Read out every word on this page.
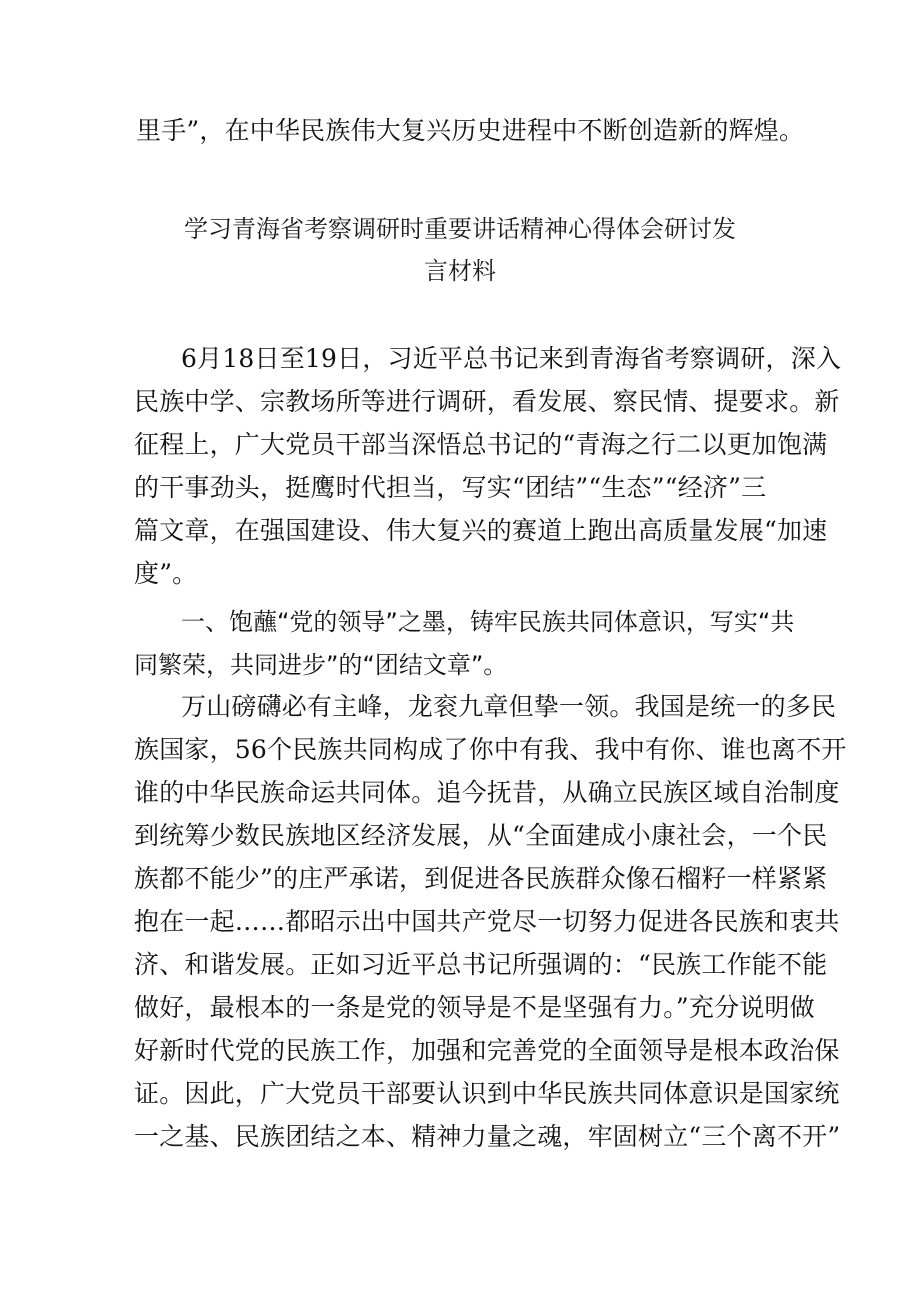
里手”，在中华民族伟大复兴历史进程中不断创造新的辉煌。
学习青海省考察调研时重要讲话精神心得体会研讨发
言材料
6月18日至19日，习近平总书记来到青海省考察调研，深入
民族中学、宗教场所等进行调研，看发展、察民情、提要求。新
征程上，广大党员干部当深悟总书记的“青海之行二以更加饱满
的干事劲头，挺鹰时代担当，写实“团结”“生态”“经济”三
篇文章，在强国建设、伟大复兴的赛道上跑出高质量发展“加速
度”。
一、饱蘸“党的领导”之墨，铸牢民族共同体意识，写实“共
同繁荣，共同进步”的“团结文章”。
万山磅礴必有主峰，龙衮九章但挚一领。我国是统一的多民
族国家，56个民族共同构成了你中有我、我中有你、谁也离不开
谁的中华民族命运共同体。追今抚昔，从确立民族区域自治制度
到统筹少数民族地区经济发展，从“全面建成小康社会，一个民
族都不能少”的庄严承诺，到促进各民族群众像石榴籽一样紧紧
抱在一起……都昭示出中国共产党尽一切努力促进各民族和衷共
济、和谐发展。正如习近平总书记所强调的：“民族工作能不能
做好，最根本的一条是党的领导是不是坚强有力。”充分说明做
好新时代党的民族工作，加强和完善党的全面领导是根本政治保
证。因此，广大党员干部要认识到中华民族共同体意识是国家统
一之基、民族团结之本、精神力量之魂，牢固树立“三个离不开”
